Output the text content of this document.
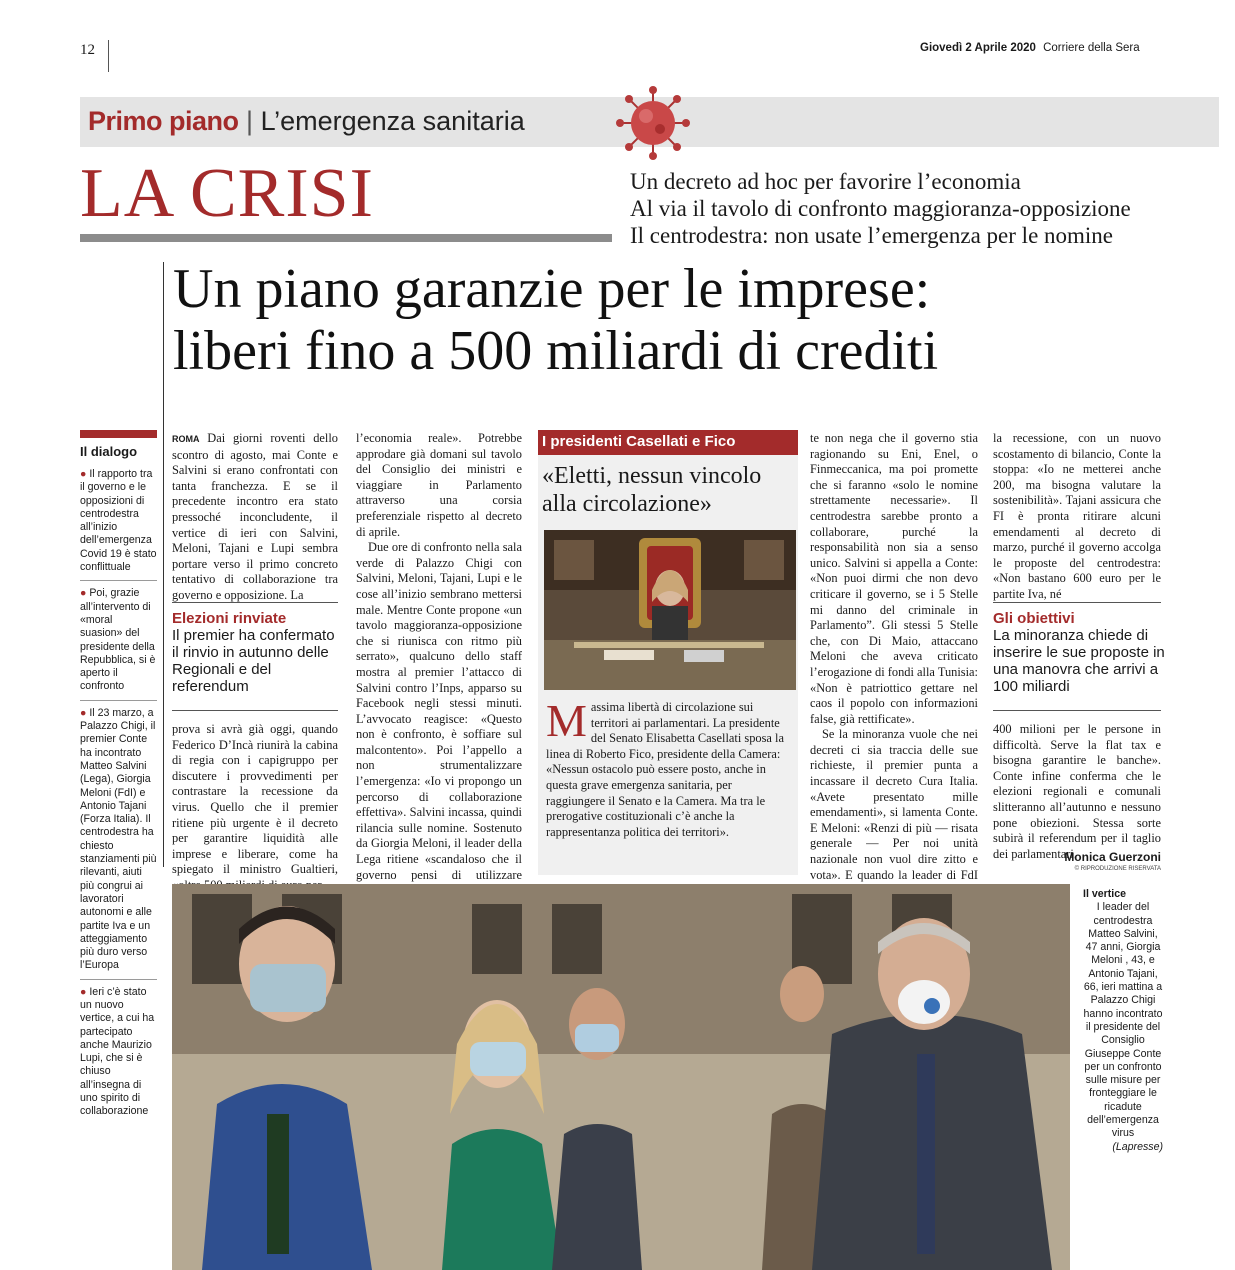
12	Giovedì 2 Aprile 2020 Corriere della Sera
Primo piano | L’emergenza sanitaria
LA CRISI	Un decreto ad hoc per favorire l’economia
Al via il tavolo di confronto maggioranza-opposizione
Il centrodestra: non usate l’emergenza per le nomine
Un piano garanzie per le imprese:
liberi fino a 500 miliardi di crediti
Il dialogo
● Il rapporto tra il governo e le opposizioni di centrodestra all’inizio dell’emergenza Covid 19 è stato conflittuale
● Poi, grazie all’intervento di «moral suasion» del presidente della Repubblica, si è aperto il confronto
● Il 23 marzo, a Palazzo Chigi, il premier Conte ha incontrato Matteo Salvini (Lega), Giorgia Meloni (FdI) e Antonio Tajani (Forza Italia). Il centrodestra ha chiesto stanziamenti più rilevanti, aiuti più congrui ai lavoratori autonomi e alle partite Iva e un atteggiamento più duro verso l’Europa
● Ieri c’è stato un nuovo vertice, a cui ha partecipato anche Maurizio Lupi, che si è chiuso all’insegna di uno spirito di collaborazione

ROMA Dai giorni roventi dello scontro di agosto, mai Conte e Salvini si erano confrontati con tanta franchezza. E se il precedente incontro era stato pressoché inconcludente, il vertice di ieri con Salvini, Meloni, Tajani e Lupi sembra portare verso il primo concreto tentativo di collaborazione tra governo e opposizione. La

Elezioni rinviate
Il premier ha confermato il rinvio in autunno delle Regionali e del referendum

prova si avrà già oggi, quando Federico D’Incà riunirà la cabina di regia con i capigruppo per discutere i provvedimenti per contrastare la recessione da virus. Quello che il premier ritiene più urgente è il decreto per garantire liquidità alle imprese e liberare, come ha spiegato il ministro Gualtieri,

l’economia reale». Potrebbe approdare già domani sul tavolo del Consiglio dei ministri e viaggiare in Parlamento attraverso una corsia preferenziale rispetto al decreto di aprile.

Due ore di confronto nella sala verde di Palazzo Chigi con Salvini, Meloni, Tajani, Lupi e le cose all’inizio sembrano mettersi male. Mentre Conte propone «un tavolo maggioranza-opposizione che si riunisca con ritmo più serrato», qualcuno dello staff mostra al premier l’attacco di Salvini contro l’Inps, apparso su Facebook negli stessi minuti. L’avvocato reagisce: «Questo non è confronto, è soffiare sul malcontento». Poi l’appello a non strumentalizzare l’emergenza: «Io vi propongo un percorso di collaborazione effettiva». Salvini incassa, quindi rilancia sulle nomine. Sostenuto da Giorgia Meloni, il leader della Lega ritiene «scandaloso che il governo pensi di utilizzare

I presidenti Casellati e Fico
«Eletti, nessun vincolo alla circolazione»
M assima libertà di circolazione sui territori ai parlamentari. La presidente del Senato Elisabetta Casellati sposa la linea di Roberto Fico, presidente della Camera: «Nessun ostacolo può essere posto, anche in questa grave emergenza sanitaria, per raggiungere il Senato e la Camera. Ma tra le prerogative costituzionali c’è anche la rappresentanza politica dei territori».

te non nega che il governo stia ragionando su Eni, Enel, o Finmeccanica, ma poi promette che si faranno «solo le nomine strettamente necessarie». Il centrodestra sarebbe pronto a collaborare, purché la responsabilità non sia a senso unico. Salvini si appella a Conte: «Non puoi dirmi che non devo criticare il governo, se i 5 Stelle mi danno del criminale in Parlamento”. Gli stessi 5 Stelle che, con Di Maio, attaccano Meloni che aveva criticato l’erogazione di fondi alla Tunisia: «Non è patriottico gettare nel caos il popolo con informazioni false, già rettificate».

Se la minoranza vuole che nei decreti ci sia traccia delle sue richieste, il premier punta a incassare il decreto Cura Italia. «Avete presentato mille emendamenti», si lamenta Conte. E Meloni: «Renzi di più — risata generale — Per noi unità nazionale non vuol dire zitto e vota». E quando la leader di FdI

la recessione, con un nuovo scostamento di bilancio, Conte la stoppa: «Io ne metterei anche 200, ma bisogna valutare la sostenibilità». Tajani assicura che FI è pronta ritirare alcuni emendamenti al decreto di marzo, purché il governo accolga le proposte del centrodestra: «Non bastano 600 euro per le partite Iva, né

Gli obiettivi
La minoranza chiede di inserire le sue proposte in una manovra che arrivi a 100 miliardi

400 milioni per le persone in difficoltà. Serve la flat tax e bisogna garantire le banche». Conte infine conferma che le elezioni regionali e comunali slitteranno all’autunno e nessuno pone obiezioni. Stessa sorte subirà il referendum per il taglio dei parlamentari.

Monica Guerzoni
© RIPRODUZIONE RISERVATA
Il vertice
I leader del centrodestra Matteo Salvini, 47 anni, Giorgia Meloni , 43, e Antonio Tajani, 66, ieri mattina a Palazzo Chigi hanno incontrato il presidente del Consiglio Giuseppe Conte per un confronto sulle misure per fronteggiare le ricadute dell’emergenza virus
(Lapresse)
